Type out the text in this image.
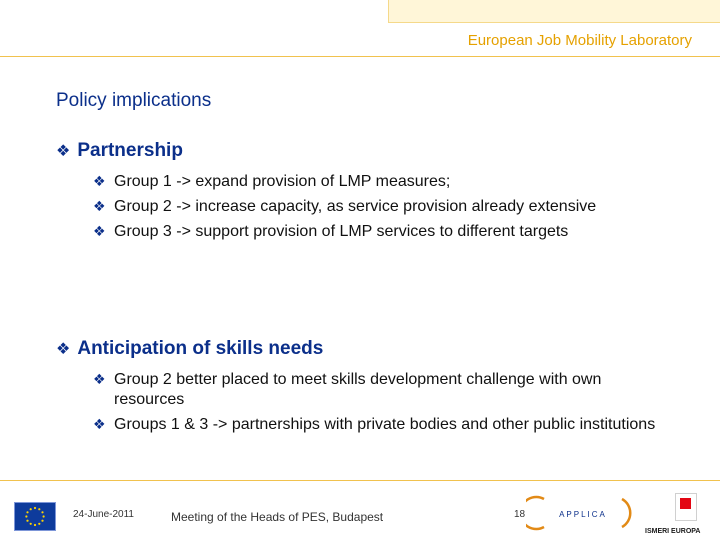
European Job Mobility Laboratory
Policy implications
❖ Partnership
❖ Group 1 -> expand provision of LMP measures;
❖ Group 2 -> increase capacity, as service provision already extensive
❖ Group 3 -> support provision of LMP services to different targets
❖ Anticipation of skills needs
❖ Group 2 better placed to meet skills development challenge with own resources
❖ Groups 1 & 3 -> partnerships with private bodies and other public institutions
24-June-2011	Meeting of the Heads of PES, Budapest	18	APPLICA
ISMERI EUROPA
